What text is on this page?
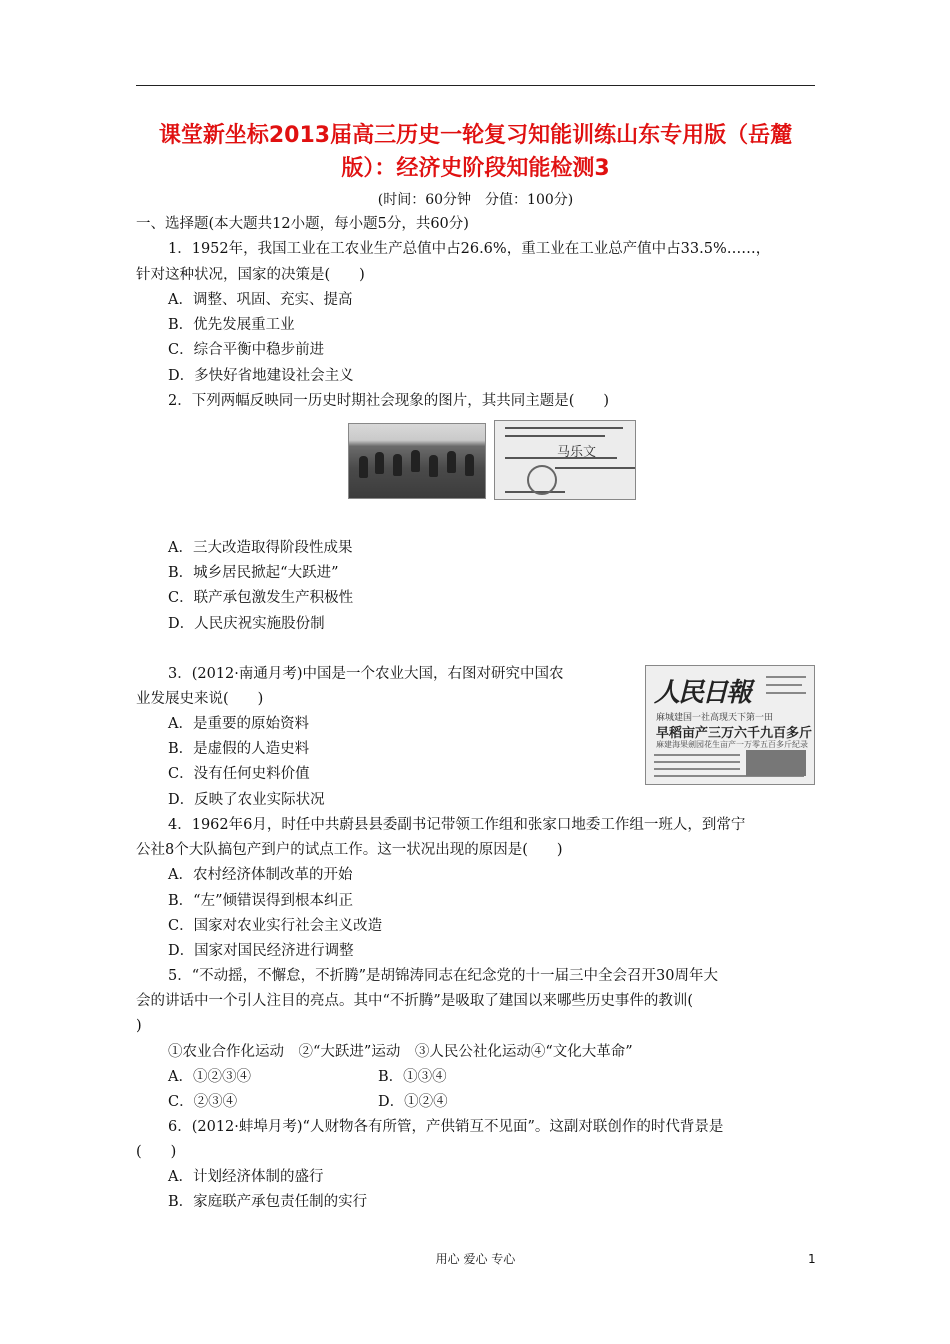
课堂新坐标2013届高三历史一轮复习知能训练山东专用版（岳麓
版）：经济史阶段知能检测3
(时间：60分钟　分值：100分)
一、选择题(本大题共12小题，每小题5分，共60分)
1．1952年，我国工业在工农业生产总值中占26.6%，重工业在工业总产值中占33.5%……，
针对这种状况，国家的决策是(　　)
A．调整、巩固、充实、提高
B．优先发展重工业
C．综合平衡中稳步前进
D．多快好省地建设社会主义
2．下列两幅反映同一历史时期社会现象的图片，其共同主题是(　　)
马乐文
A．三大改造取得阶段性成果
B．城乡居民掀起“大跃进”
C．联产承包激发生产积极性
D．人民庆祝实施股份制
3．(2012·南通月考)中国是一个农业大国，右图对研究中国农
业发展史来说(　　)
A．是重要的原始资料
B．是虚假的人造史料
C．没有任何史料价值
D．反映了农业实际状况
人民日報
麻城建国一社高现天下第一田
早稻亩产三万六千九百多斤
麻建海果劍园花生亩产一万零五百多斤紀录
4．1962年6月，时任中共蔚县县委副书记带领工作组和张家口地委工作组一班人，到常宁
公社8个大队搞包产到户的试点工作。这一状况出现的原因是(　　)
A．农村经济体制改革的开始
B．“左”倾错误得到根本纠正
C．国家对农业实行社会主义改造
D．国家对国民经济进行调整
5．“不动摇，不懈怠，不折腾”是胡锦涛同志在纪念党的十一届三中全会召开30周年大
会的讲话中一个引人注目的亮点。其中“不折腾”是吸取了建国以来哪些历史事件的教训(
)
①农业合作化运动　②“大跃进”运动　③人民公社化运动④“文化大革命”
A．①②③④	B．①③④
C．②③④	D．①②④
6．(2012·蚌埠月考)“人财物各有所管，产供销互不见面”。这副对联创作的时代背景是
(　　)
A．计划经济体制的盛行
B．家庭联产承包责任制的实行
用心 爱心 专心	1
